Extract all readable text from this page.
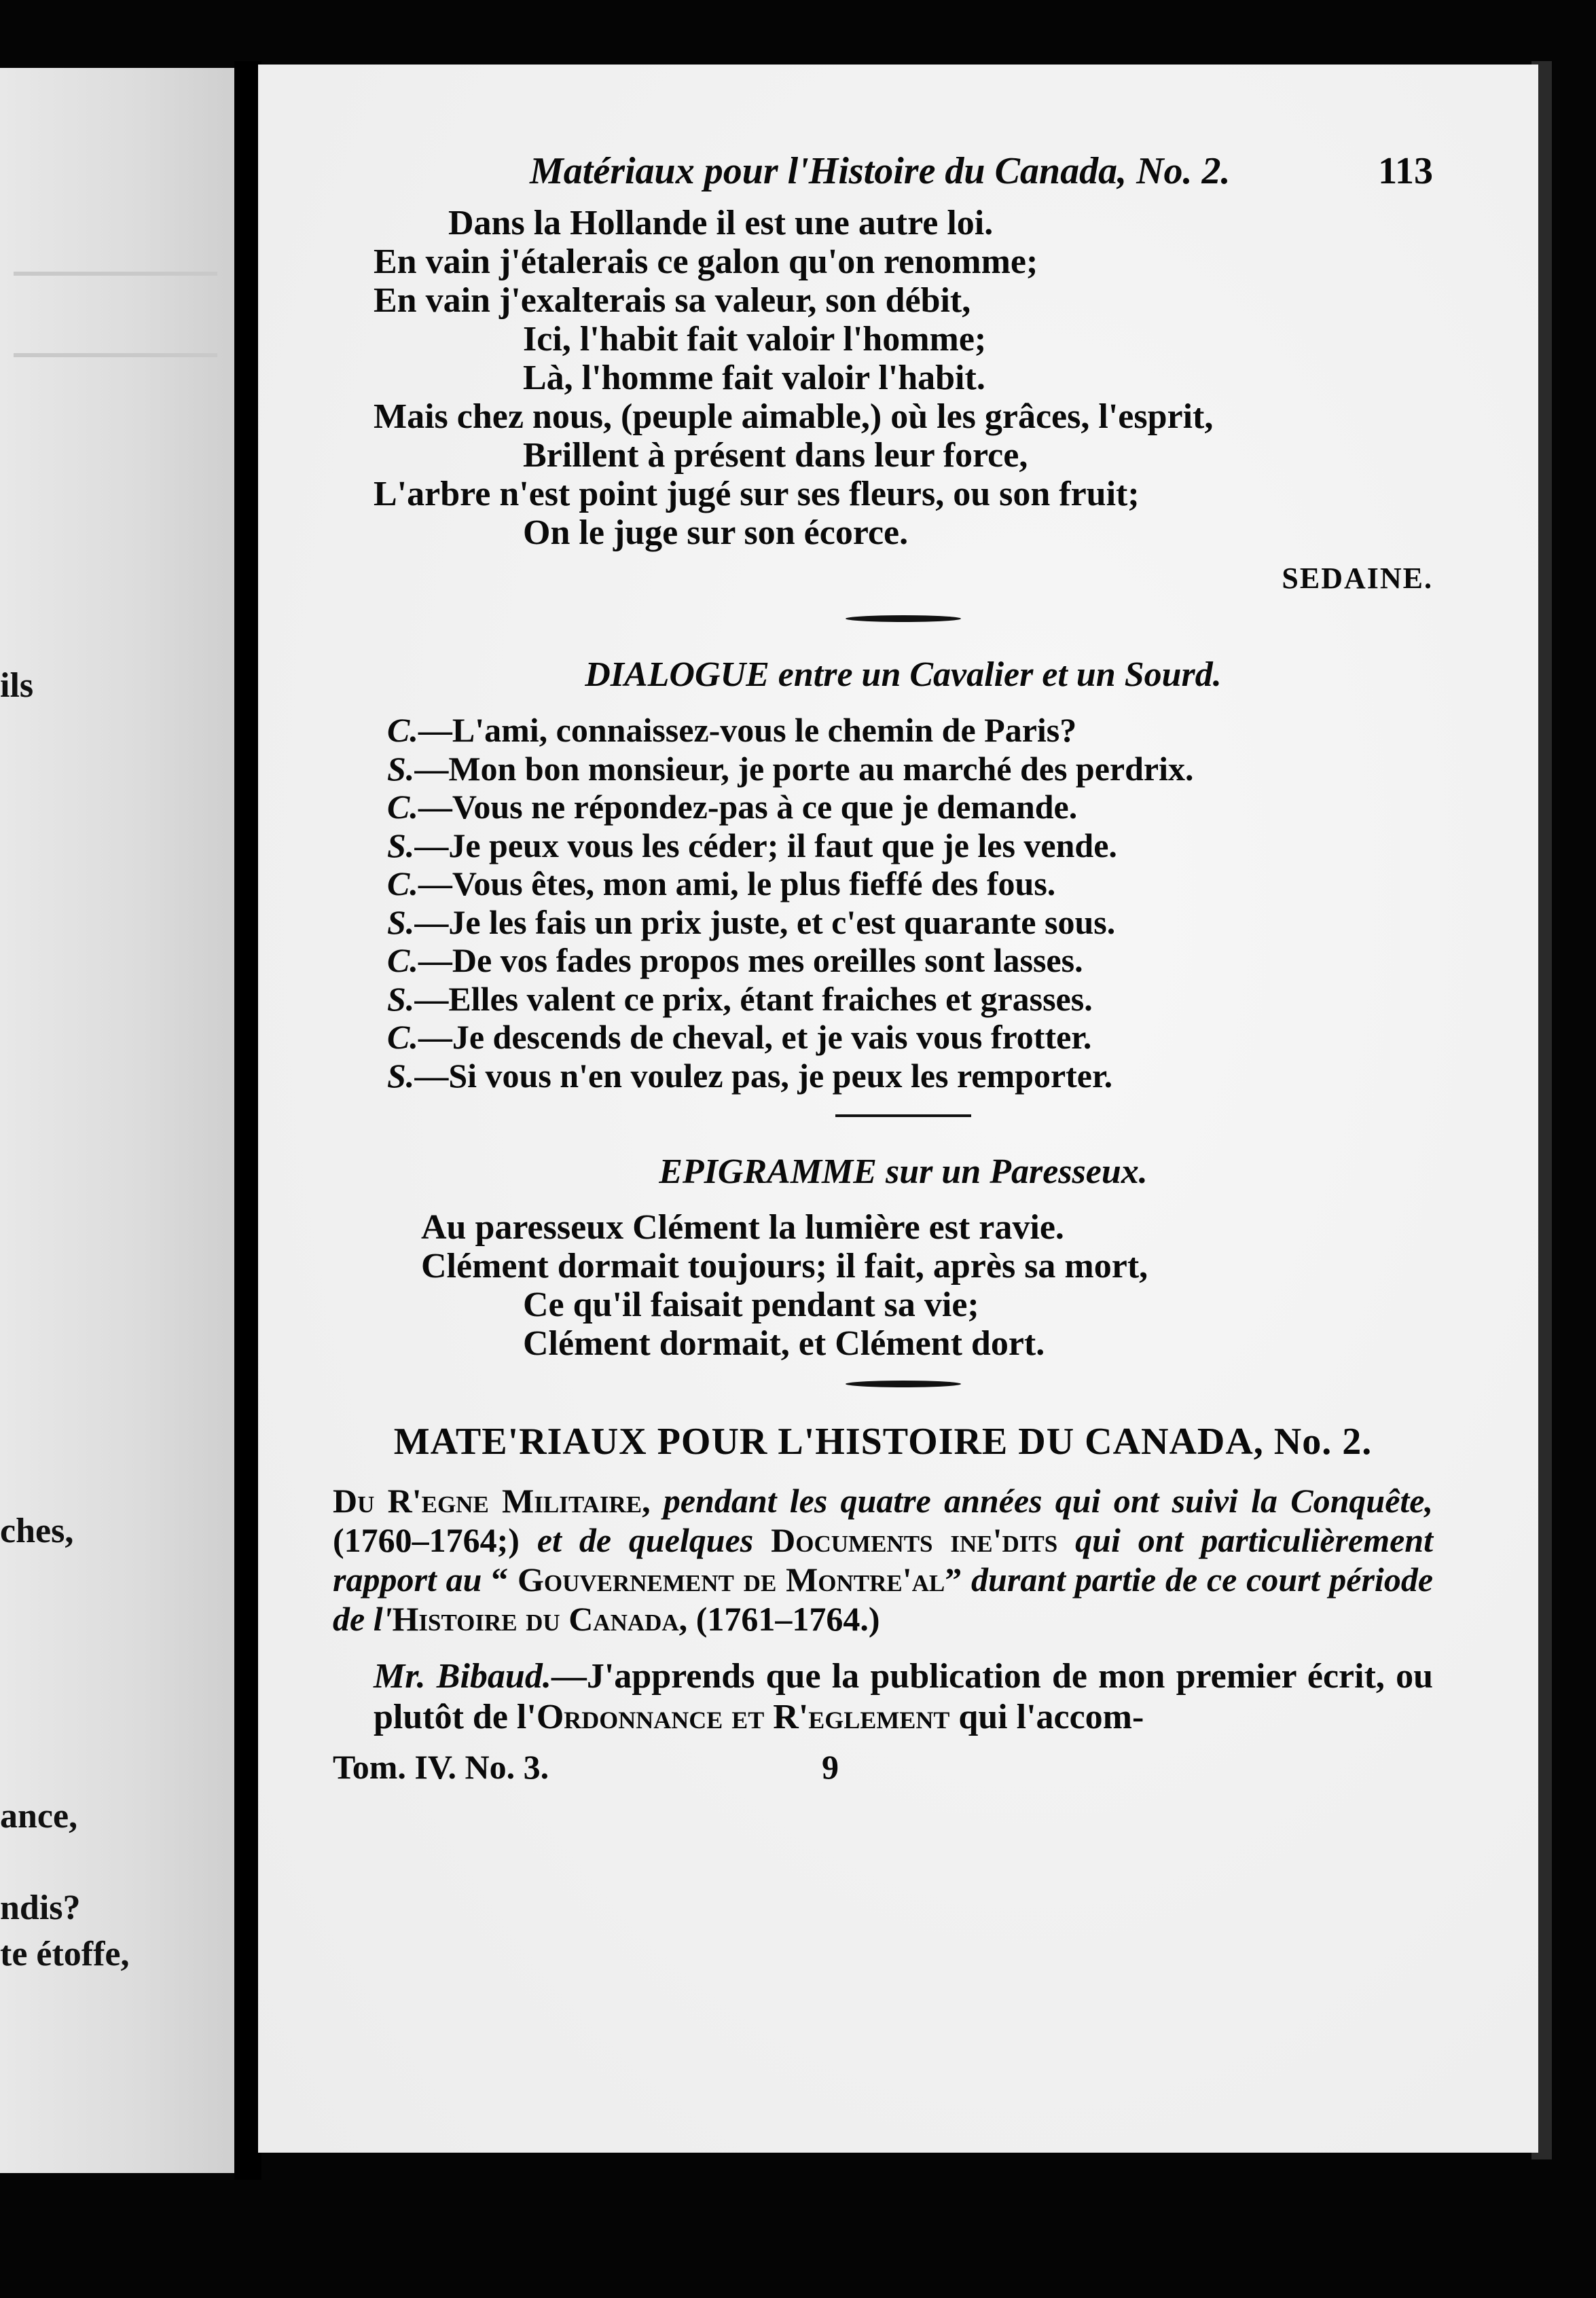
ils
ches,
ance,
ndis?
te étoffe,
Matériaux pour l'Histoire du Canada, No. 2.	113
Dans la Hollande il est une autre loi.
En vain j'étalerais ce galon qu'on renomme;
En vain j'exalterais sa valeur, son débit,
Ici, l'habit fait valoir l'homme;
Là, l'homme fait valoir l'habit.
Mais chez nous, (peuple aimable,) où les grâces, l'esprit,
Brillent à présent dans leur force,
L'arbre n'est point jugé sur ses fleurs, ou son fruit;
On le juge sur son écorce.
SEDAINE.
DIALOGUE entre un Cavalier et un Sourd.
C.—L'ami, connaissez-vous le chemin de Paris?
S.—Mon bon monsieur, je porte au marché des perdrix.
C.—Vous ne répondez-pas à ce que je demande.
S.—Je peux vous les céder; il faut que je les vende.
C.—Vous êtes, mon ami, le plus fieffé des fous.
S.—Je les fais un prix juste, et c'est quarante sous.
C.—De vos fades propos mes oreilles sont lasses.
S.—Elles valent ce prix, étant fraiches et grasses.
C.—Je descends de cheval, et je vais vous frotter.
S.—Si vous n'en voulez pas, je peux les remporter.
EPIGRAMME sur un Paresseux.
Au paresseux Clément la lumière est ravie.
Clément dormait toujours; il fait, après sa mort,
Ce qu'il faisait pendant sa vie;
Clément dormait, et Clément dort.
MATE'RIAUX POUR L'HISTOIRE DU CANADA, No. 2.
Du R'egne Militaire, pendant les quatre années qui ont suivi la Conquête, (1760–1764;) et de quelques Documents ine'dits qui ont particulièrement rapport au “ Gouvernement de Montre'al” durant partie de ce court période de l'Histoire du Canada, (1761–1764.)
Mr. Bibaud.—J'apprends que la publication de mon premier écrit, ou plutôt de l'Ordonnance et R'eglement qui l'accom-
Tom. IV. No. 3.	9
